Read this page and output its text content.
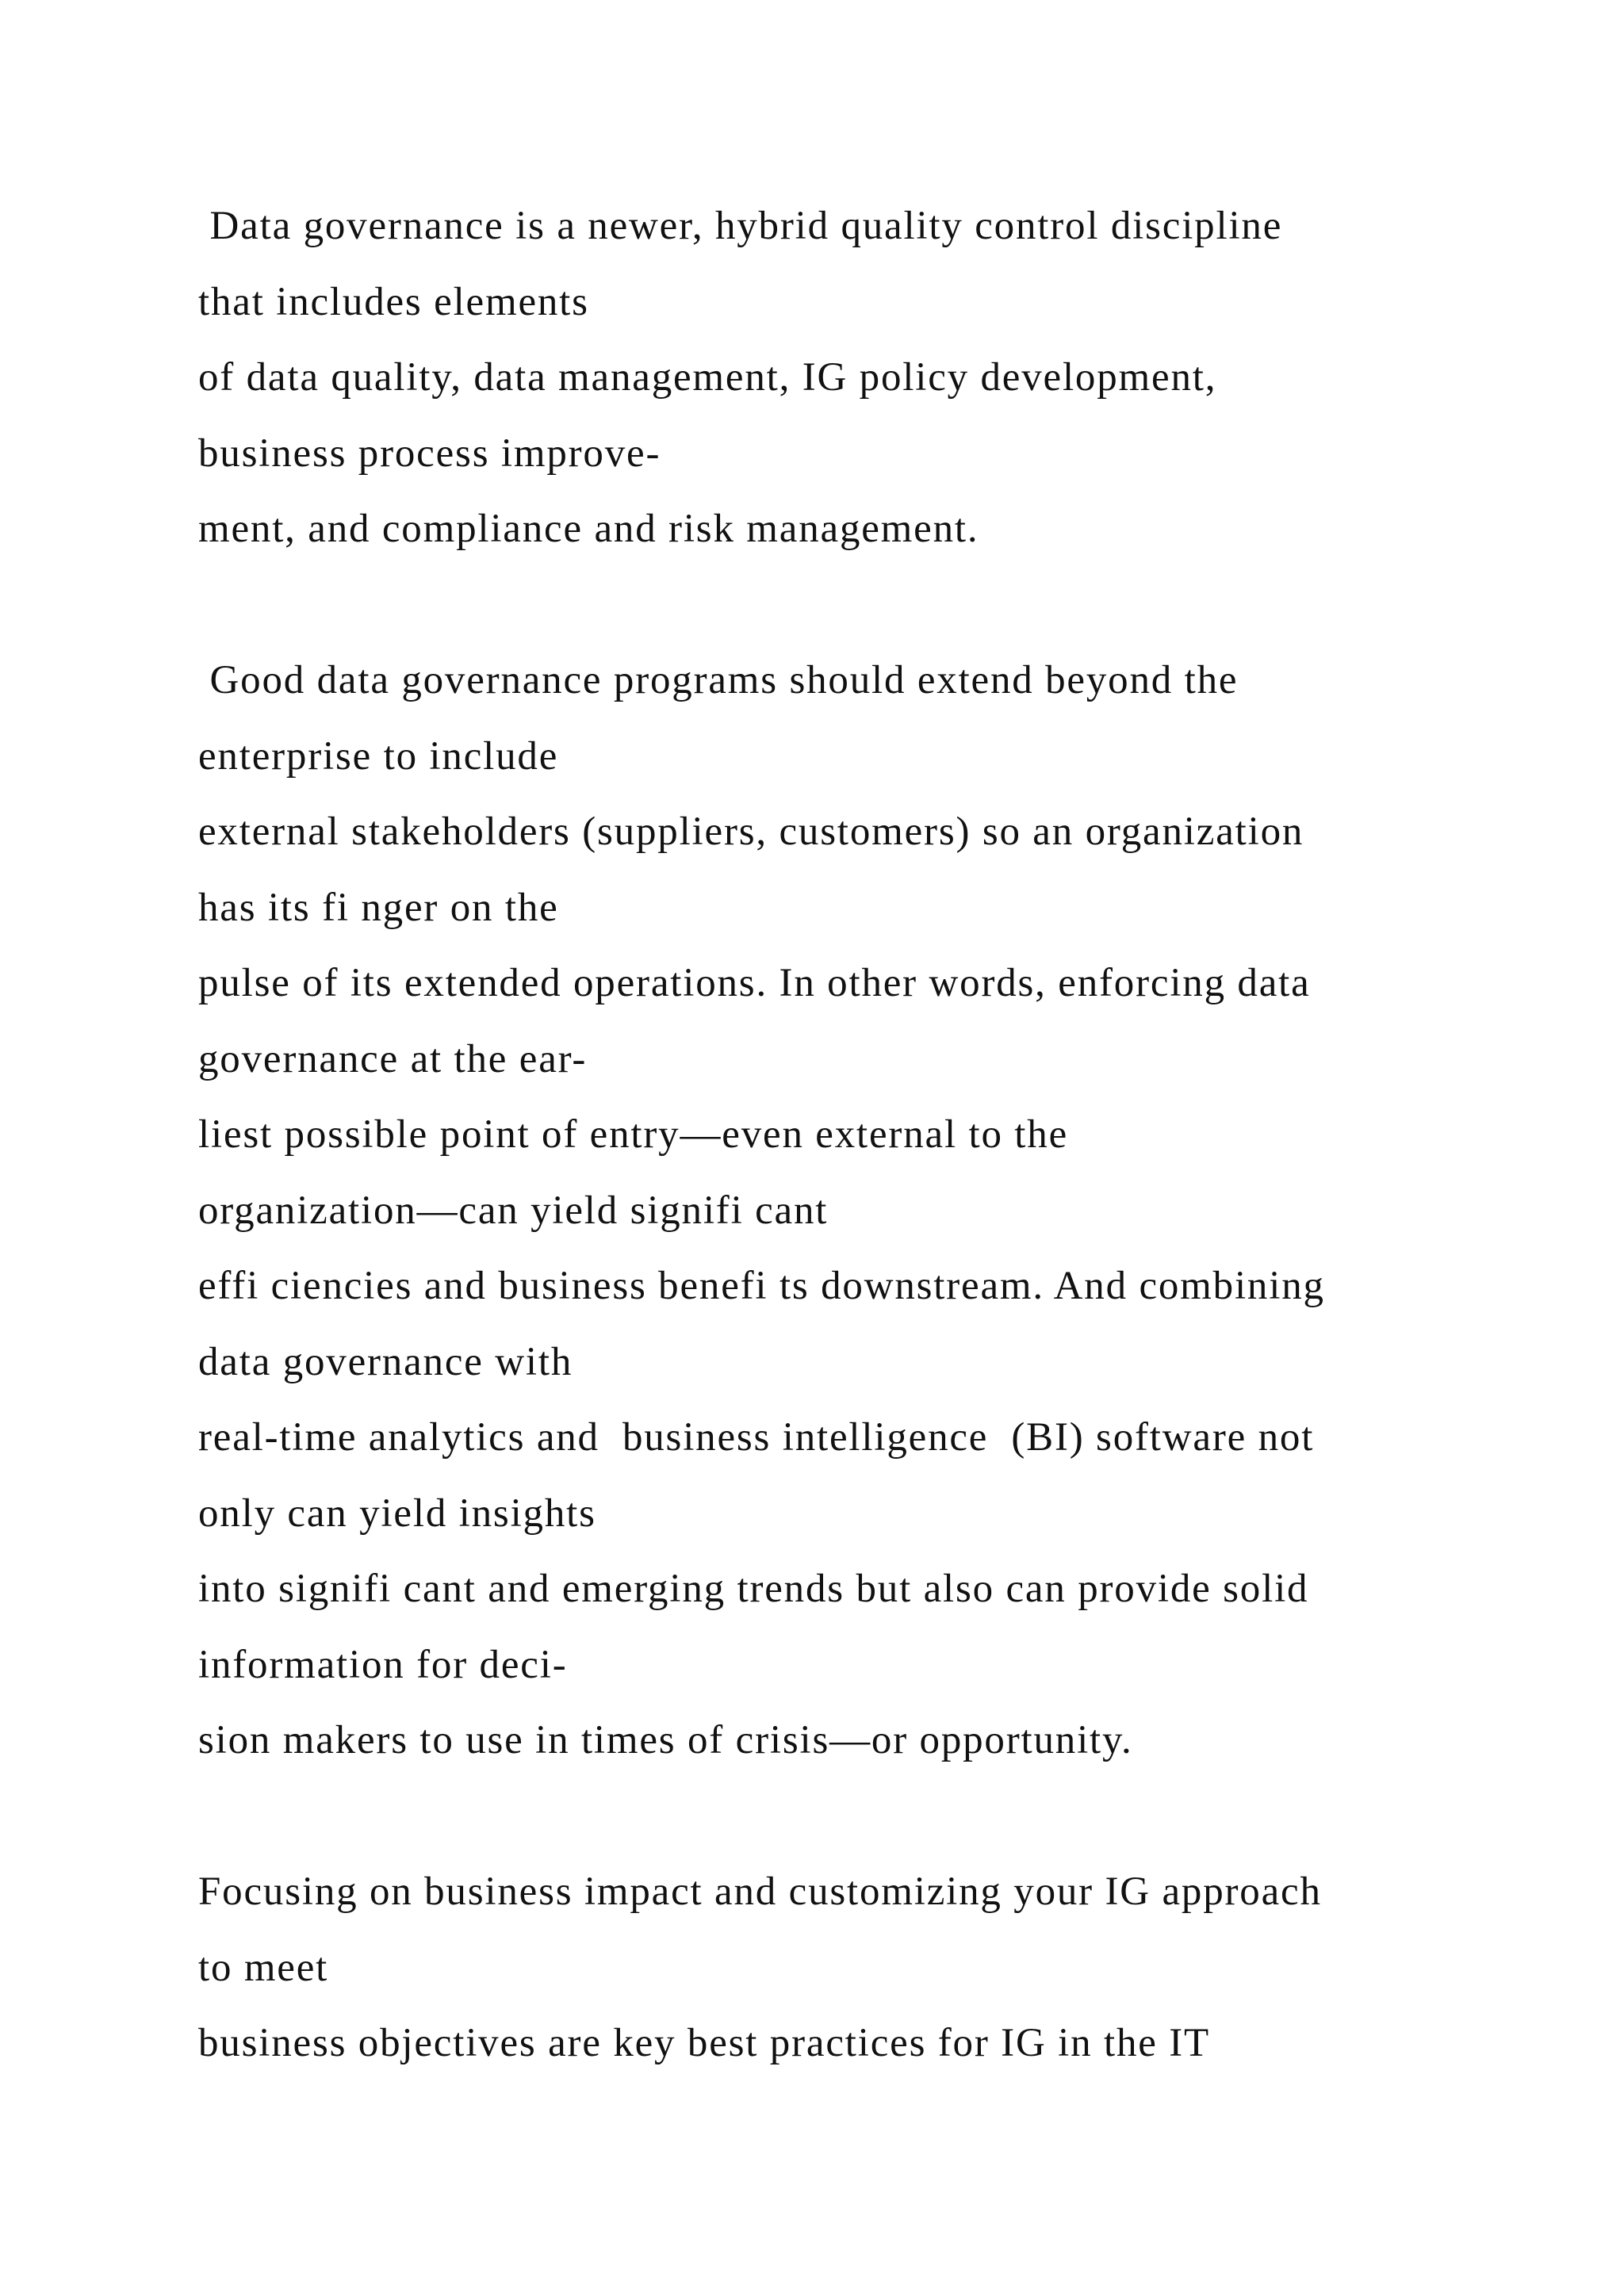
Data governance is a newer, hybrid quality control discipline
that includes elements
of data quality, data management, IG policy development,
business process improve-
ment, and compliance and risk management.
Good data governance programs should extend beyond the
enterprise to include
external stakeholders (suppliers, customers) so an organization
has its fi nger on the
pulse of its extended operations. In other words, enforcing data
governance at the ear-
liest possible point of entry—even external to the
organization—can yield signifi cant
effi ciencies and business benefi ts downstream. And combining
data governance with
real-time analytics and  business intelligence  (BI) software not
only can yield insights
into signifi cant and emerging trends but also can provide solid
information for deci-
sion makers to use in times of crisis—or opportunity.
Focusing on business impact and customizing your IG approach
to meet
business objectives are key best practices for IG in the IT
